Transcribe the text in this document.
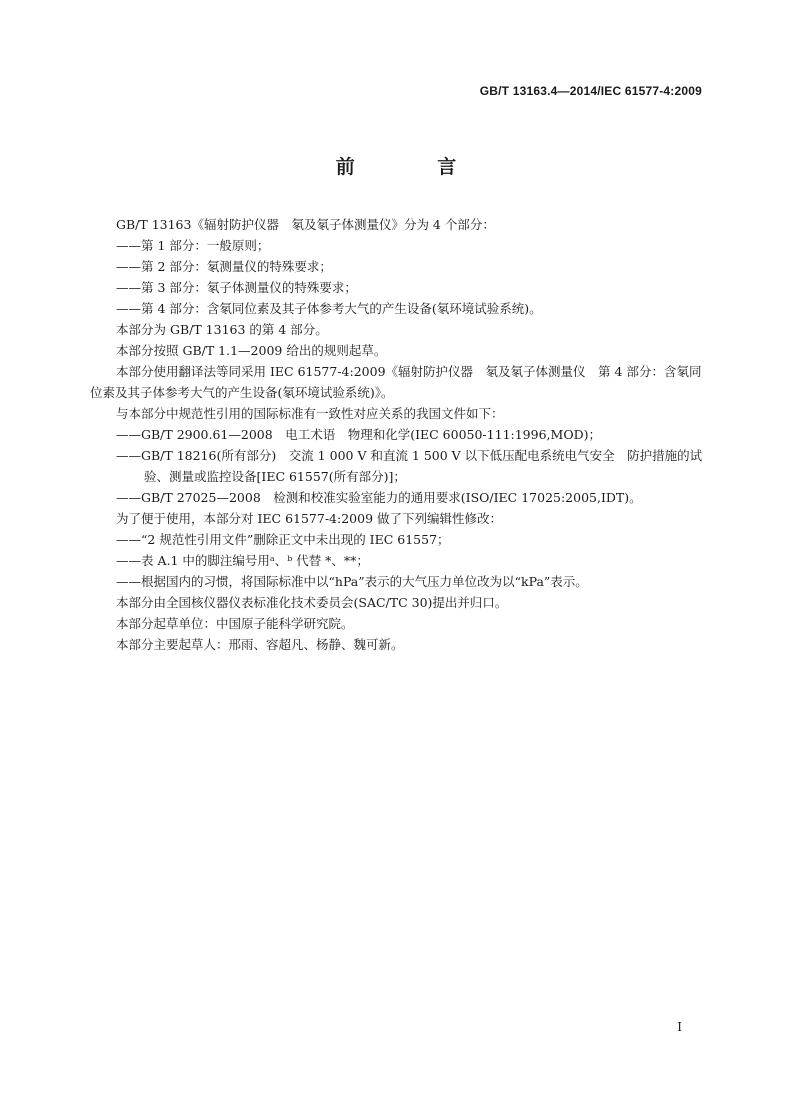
GB/T 13163.4—2014/IEC 61577-4:2009
前 言

GB/T 13163《辐射防护仪器　氡及氡子体测量仪》分为 4 个部分：

——第 1 部分：一般原则；

——第 2 部分：氡测量仪的特殊要求；

——第 3 部分：氡子体测量仪的特殊要求；

——第 4 部分：含氡同位素及其子体参考大气的产生设备(氡环境试验系统)。

本部分为 GB/T 13163 的第 4 部分。

本部分按照 GB/T 1.1—2009 给出的规则起草。

本部分使用翻译法等同采用 IEC 61577-4:2009《辐射防护仪器　氡及氡子体测量仪　第 4 部分：含氡同位素及其子体参考大气的产生设备(氡环境试验系统)》。

与本部分中规范性引用的国际标准有一致性对应关系的我国文件如下：

——GB/T 2900.61—2008　电工术语　物理和化学(IEC 60050-111:1996,MOD)；

——GB/T 18216(所有部分)　交流 1 000 V 和直流 1 500 V 以下低压配电系统电气安全　防护措施的试验、测量或监控设备[IEC 61557(所有部分)]；

——GB/T 27025—2008　检测和校准实验室能力的通用要求(ISO/IEC 17025:2005,IDT)。

为了便于使用，本部分对 IEC 61577-4:2009 做了下列编辑性修改：

——“2 规范性引用文件”删除正文中未出现的 IEC 61557；

——表 A.1 中的脚注编号用ᵃ、ᵇ 代替 *、**；

——根据国内的习惯，将国际标准中以“hPa”表示的大气压力单位改为以“kPa”表示。

本部分由全国核仪器仪表标准化技术委员会(SAC/TC 30)提出并归口。

本部分起草单位：中国原子能科学研究院。

本部分主要起草人：邢雨、容超凡、杨静、魏可新。

I
